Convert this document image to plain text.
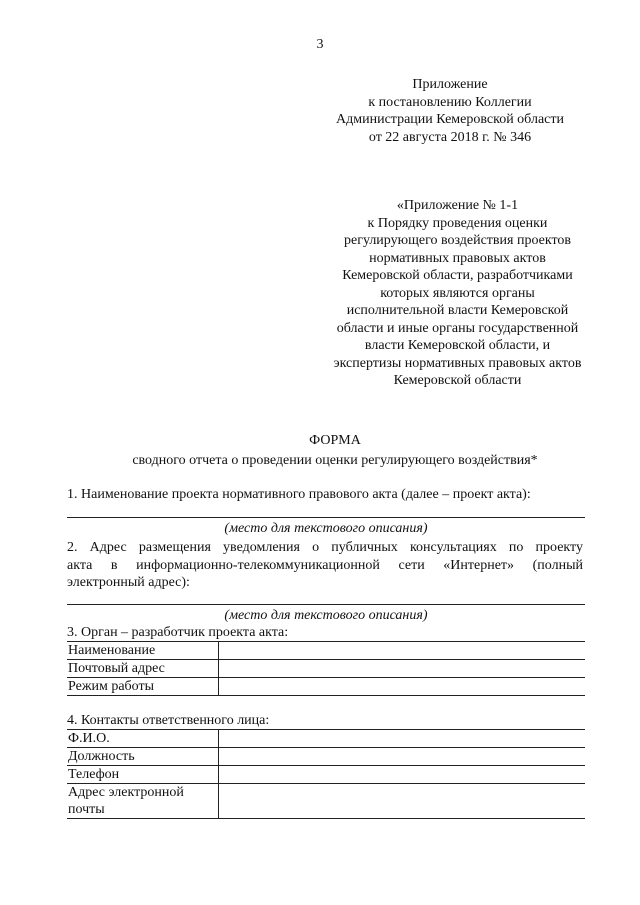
3
Приложение
к постановлению Коллегии
Администрации Кемеровской области
от 22 августа 2018 г. № 346
«Приложение № 1-1
к Порядку проведения оценки
регулирующего воздействия проектов
нормативных правовых актов
Кемеровской области, разработчиками
которых являются органы
исполнительной власти Кемеровской
области и иные органы государственной
власти Кемеровской области, и
экспертизы нормативных правовых актов
Кемеровской области
ФОРМА
сводного отчета о проведении оценки регулирующего воздействия*
1. Наименование проекта нормативного правового акта (далее – проект акта):
(место для текстового описания)
2. Адрес размещения уведомления о публичных консультациях по проекту
акта в информационно-телекоммуникационной сети «Интернет» (полный
электронный адрес):
(место для текстового описания)
3. Орган – разработчик проекта акта:
Наименование	
Почтовый адрес	
Режим работы	
4. Контакты ответственного лица:
Ф.И.О.	
Должность	
Телефон	
Адрес электронной почты	
